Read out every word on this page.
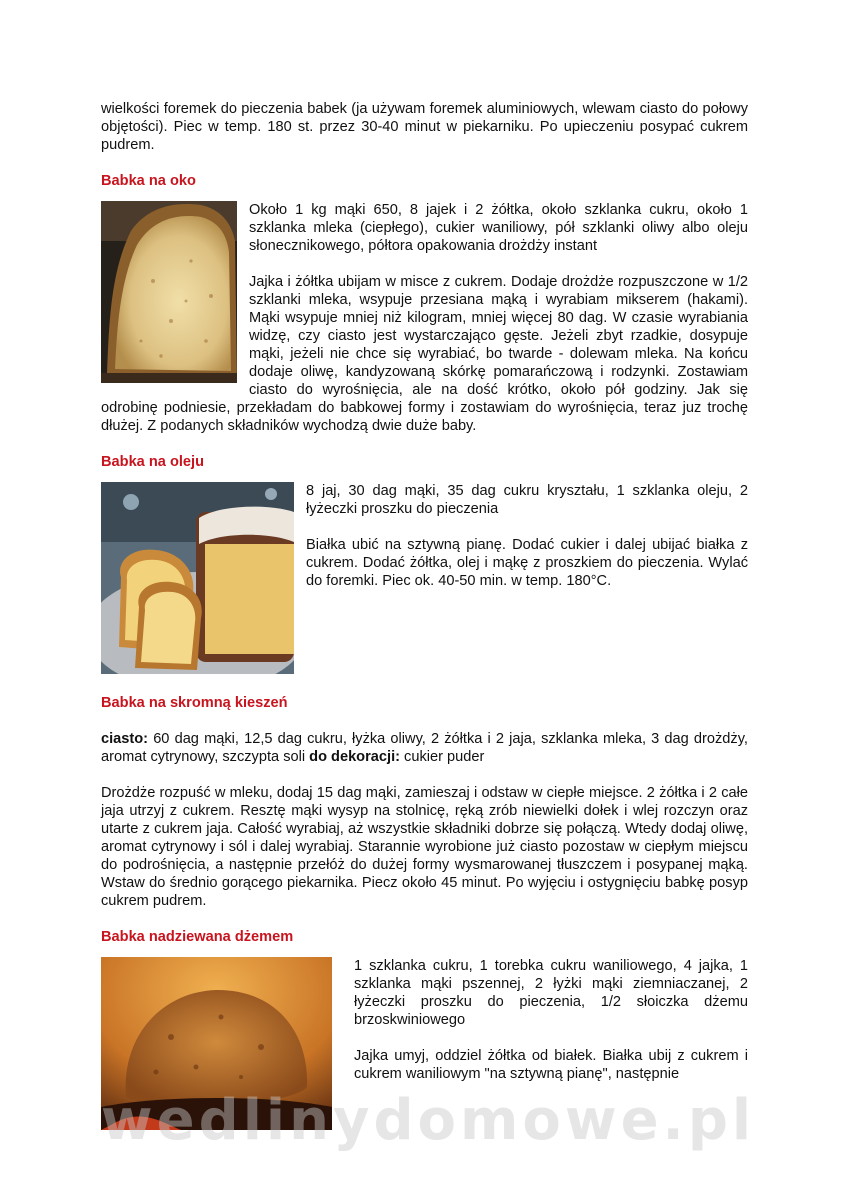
wielkości foremek do pieczenia babek (ja używam foremek aluminiowych, wlewam ciasto do połowy objętości). Piec w temp. 180 st. przez 30-40 minut w piekarniku. Po upieczeniu posypać cukrem pudrem.

Babka na oko

Około 1 kg mąki 650, 8 jajek i 2 żółtka, około szklanka cukru, około 1 szklanka mleka (ciepłego), cukier waniliowy, pół szklanki oliwy albo oleju słonecznikowego, półtora opakowania drożdży instant

Jajka i żółtka ubijam w misce z cukrem. Dodaje drożdże rozpuszczone w 1/2 szklanki mleka, wsypuje przesiana mąką i wyrabiam mikserem (hakami). Mąki wsypuje mniej niż kilogram, mniej więcej 80 dag. W czasie wyrabiania widzę, czy ciasto jest wystarczająco gęste. Jeżeli zbyt rzadkie, dosypuje mąki, jeżeli nie chce się wyrabiać, bo twarde - dolewam mleka. Na końcu dodaje oliwę, kandyzowaną skórkę pomarańczową i rodzynki. Zostawiam ciasto do wyrośnięcia, ale na dość krótko, około pół godziny. Jak się odrobinę podniesie, przekładam do babkowej formy i zostawiam do wyrośnięcia, teraz juz trochę dłużej. Z podanych składników wychodzą dwie duże baby.

Babka na oleju

8 jaj, 30 dag mąki, 35 dag cukru kryształu, 1 szklanka oleju, 2 łyżeczki proszku do pieczenia

Białka ubić na sztywną pianę. Dodać cukier i dalej ubijać białka z cukrem. Dodać żółtka, olej i mąkę z proszkiem do pieczenia. Wylać do foremki. Piec ok. 40-50 min. w temp. 180°C.

Babka na skromną kieszeń

ciasto: 60 dag mąki, 12,5 dag cukru, łyżka oliwy, 2 żółtka i 2 jaja, szklanka mleka, 3 dag drożdży, aromat cytrynowy, szczypta soli do dekoracji: cukier puder

Drożdże rozpuść w mleku, dodaj 15 dag mąki, zamieszaj i odstaw w ciepłe miejsce. 2 żółtka i 2 całe jaja utrzyj z cukrem. Resztę mąki wysyp na stolnicę, ręką zrób niewielki dołek i wlej rozczyn oraz utarte z cukrem jaja. Całość wyrabiaj, aż wszystkie składniki dobrze się połączą. Wtedy dodaj oliwę, aromat cytrynowy i sól i dalej wyrabiaj. Starannie wyrobione już ciasto pozostaw w ciepłym miejscu do podrośnięcia, a następnie przełóż do dużej formy wysmarowanej tłuszczem i posypanej mąką. Wstaw do średnio gorącego piekarnika. Piecz około 45 minut. Po wyjęciu i ostygnięciu babkę posyp cukrem pudrem.

Babka nadziewana dżemem

1 szklanka cukru, 1 torebka cukru waniliowego, 4 jajka, 1 szklanka mąki pszennej, 2 łyżki mąki ziemniaczanej, 2 łyżeczki proszku do pieczenia, 1/2 słoiczka dżemu brzoskwiniowego

Jajka umyj, oddziel żółtka od białek. Białka ubij z cukrem i cukrem waniliowym "na sztywną pianę", następnie

wedlinydomowe.pl
